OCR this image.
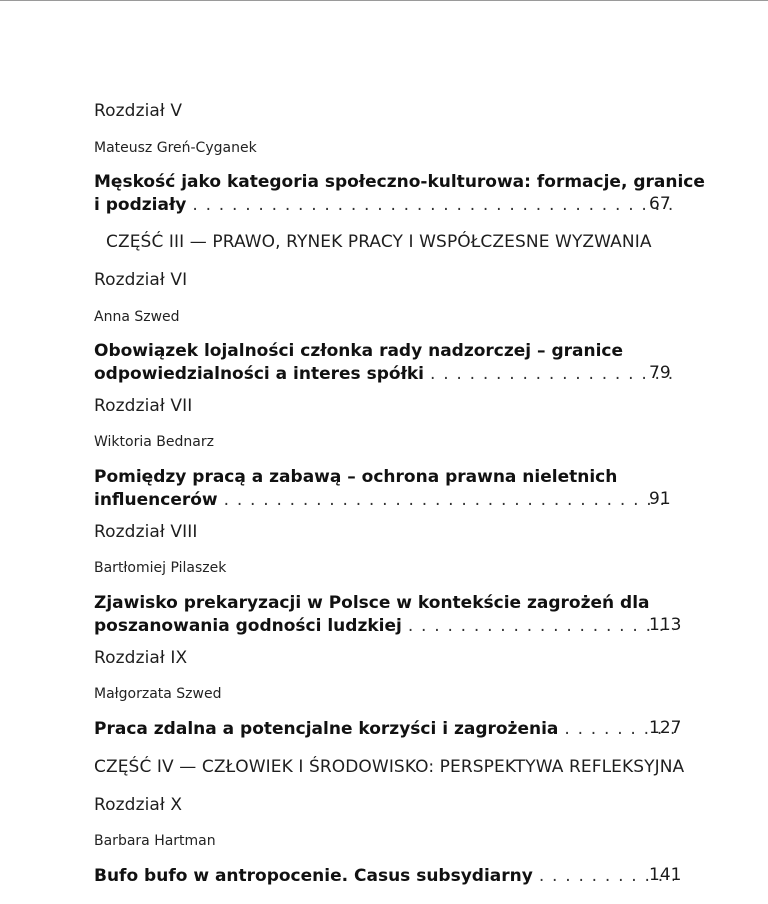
Rozdział V
Mateusz Greń-Cyganek
Męskość jako kategoria społeczno-kulturowa: formacje, granice
i podziały . . .	67
CZĘŚĆ III — PRAWO, RYNEK PRACY I WSPÓŁCZESNE WYZWANIA
Rozdział VI
Anna Szwed
Obowiązek lojalności członka rady nadzorczej – granice
odpowiedzialności a interes spółki . . .	79
Rozdział VII
Wiktoria Bednarz
Pomiędzy pracą a zabawą – ochrona prawna nieletnich
influencerów . . .	91
Rozdział VIII
Bartłomiej Pilaszek
Zjawisko prekaryzacji w Polsce w kontekście zagrożeń dla
poszanowania godności ludzkiej . . .	113
Rozdział IX
Małgorzata Szwed
Praca zdalna a potencjalne korzyści i zagrożenia . . .	127
CZĘŚĆ IV — CZŁOWIEK I ŚRODOWISKO: PERSPEKTYWA REFLEKSYJNA
Rozdział X
Barbara Hartman
Bufo bufo w antropocenie. Casus subsydiarny . . .	141
